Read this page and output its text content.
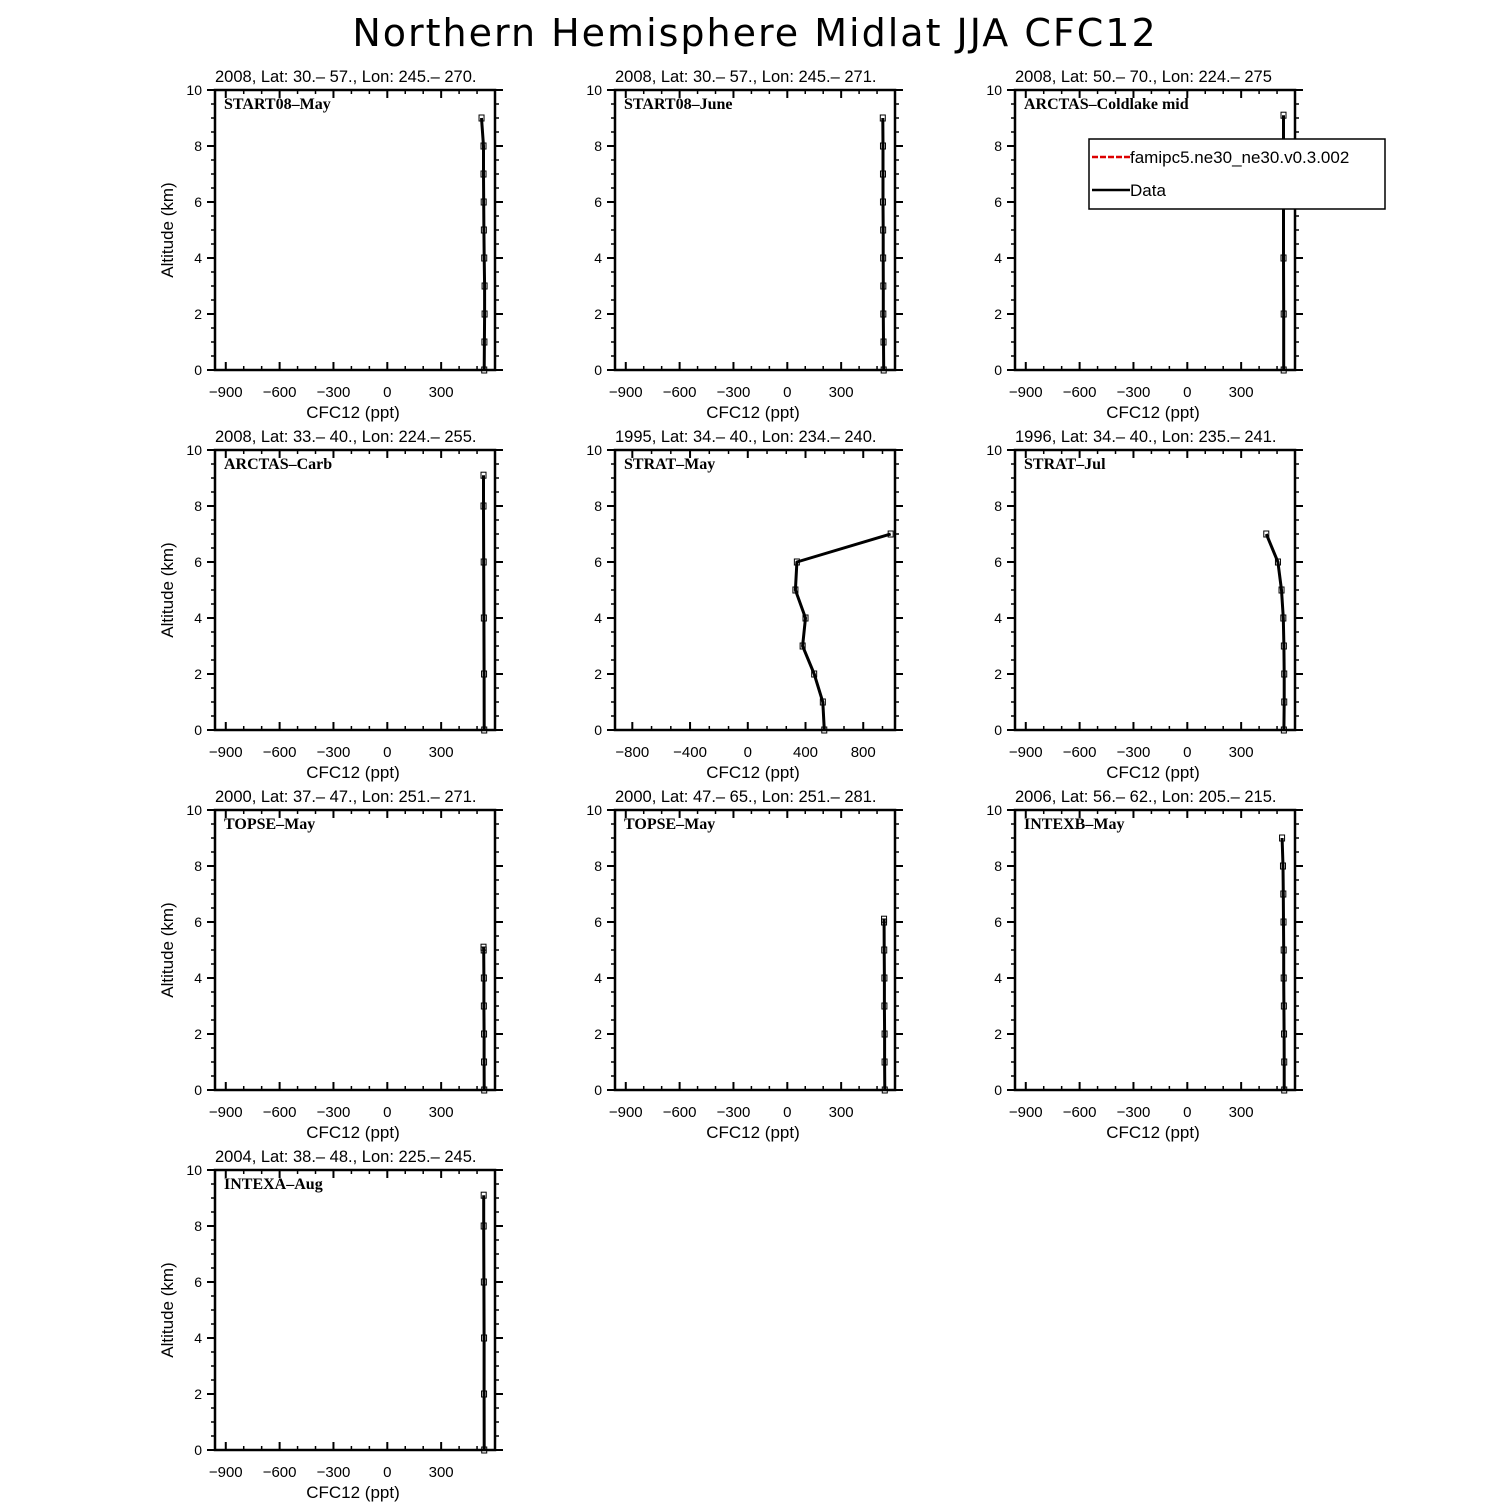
Northern Hemisphere Midlat JJA CFC12
−900 −600 −300 0 300
0
2
4
6
8
10
2008, Lat: 30.– 57., Lon: 245.– 270.
START08–May
CFC12 (ppt)
Altitude (km)
−900 −600 −300 0 300
0
2
4
6
8
10
2008, Lat: 30.– 57., Lon: 245.– 271.
START08–June
CFC12 (ppt)
−900 −600 −300 0 300
0
2
4
6
8
10
2008, Lat: 50.– 70., Lon: 224.– 275
ARCTAS–Coldlake mid
CFC12 (ppt)
−900 −600 −300 0 300
0
2
4
6
8
10
2008, Lat: 33.– 40., Lon: 224.– 255.
ARCTAS–Carb
CFC12 (ppt)
Altitude (km)
−800 −400 0	400 800
0
2
4
6
8
10
1995, Lat: 34.– 40., Lon: 234.– 240.
STRAT–May
CFC12 (ppt)
−900 −600 −300 0 300
0
2
4
6
8
10
1996, Lat: 34.– 40., Lon: 235.– 241.
STRAT–Jul
CFC12 (ppt)
−900 −600 −300 0 300
0
2
4
6
8
10
2000, Lat: 37.– 47., Lon: 251.– 271.
TOPSE–May
CFC12 (ppt)
Altitude (km)
−900 −600 −300 0 300
0
2
4
6
8
10
2000, Lat: 47.– 65., Lon: 251.– 281.
TOPSE–May
CFC12 (ppt)
−900 −600 −300 0 300
0
2
4
6
8
10
2006, Lat: 56.– 62., Lon: 205.– 215.
INTEXB–May
CFC12 (ppt)
−900 −600 −300 0 300
0
2
4
6
8
10
2004, Lat: 38.– 48., Lon: 225.– 245.
INTEXA–Aug
CFC12 (ppt)
Altitude (km)
famipc5.ne30_ne30.v0.3.002
Data
